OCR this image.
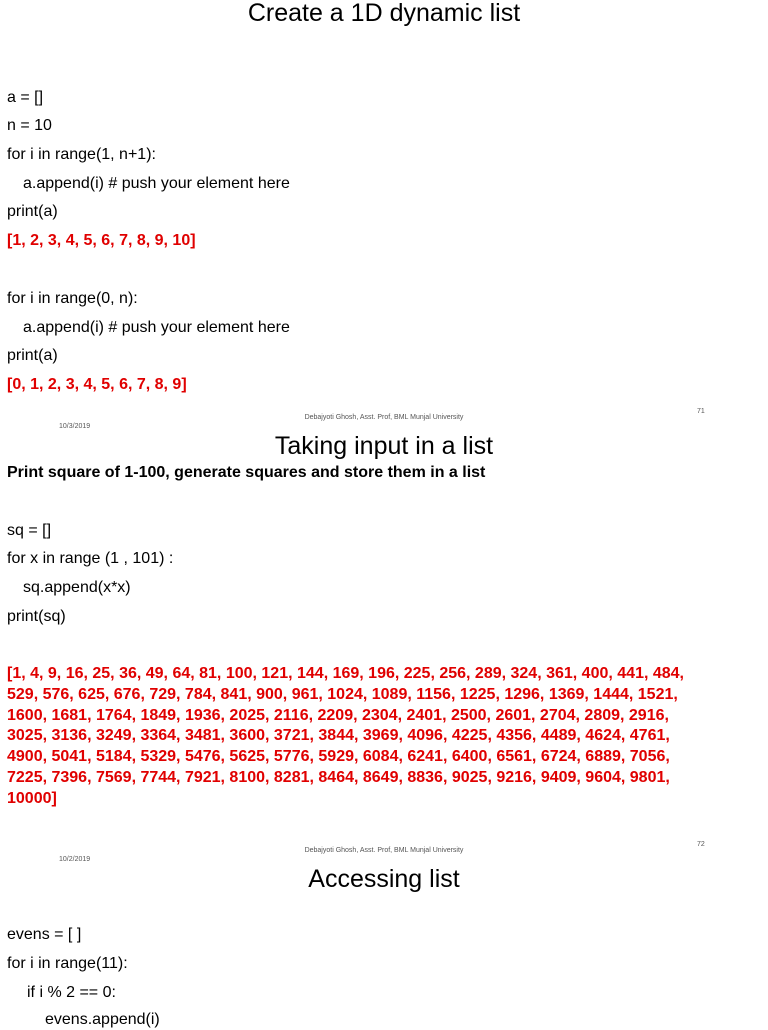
Create a 1D dynamic list
a = []
n = 10
for i in range(1, n+1):
a.append(i) # push your element here
print(a)
[1, 2, 3, 4, 5, 6, 7, 8, 9, 10]
for i in range(0, n):
a.append(i) # push your element here
print(a)
[0, 1, 2, 3, 4, 5, 6, 7, 8, 9]
Debajyoti Ghosh, Asst. Prof, BML Munjal University
71
10/3/2019
Taking input in a list
Print square of 1-100, generate squares and store them in a list
sq = []
for x in range (1 , 101) :
sq.append(x*x)
print(sq)
[1, 4, 9, 16, 25, 36, 49, 64, 81, 100, 121, 144, 169, 196, 225, 256, 289, 324, 361, 400, 441, 484,
529, 576, 625, 676, 729, 784, 841, 900, 961, 1024, 1089, 1156, 1225, 1296, 1369, 1444, 1521,
1600, 1681, 1764, 1849, 1936, 2025, 2116, 2209, 2304, 2401, 2500, 2601, 2704, 2809, 2916,
3025, 3136, 3249, 3364, 3481, 3600, 3721, 3844, 3969, 4096, 4225, 4356, 4489, 4624, 4761,
4900, 5041, 5184, 5329, 5476, 5625, 5776, 5929, 6084, 6241, 6400, 6561, 6724, 6889, 7056,
7225, 7396, 7569, 7744, 7921, 8100, 8281, 8464, 8649, 8836, 9025, 9216, 9409, 9604, 9801,
10000]
Debajyoti Ghosh, Asst. Prof, BML Munjal University
72
10/2/2019
Accessing list
evens = [ ]
for i in range(11):
if i % 2 == 0:
evens.append(i)
